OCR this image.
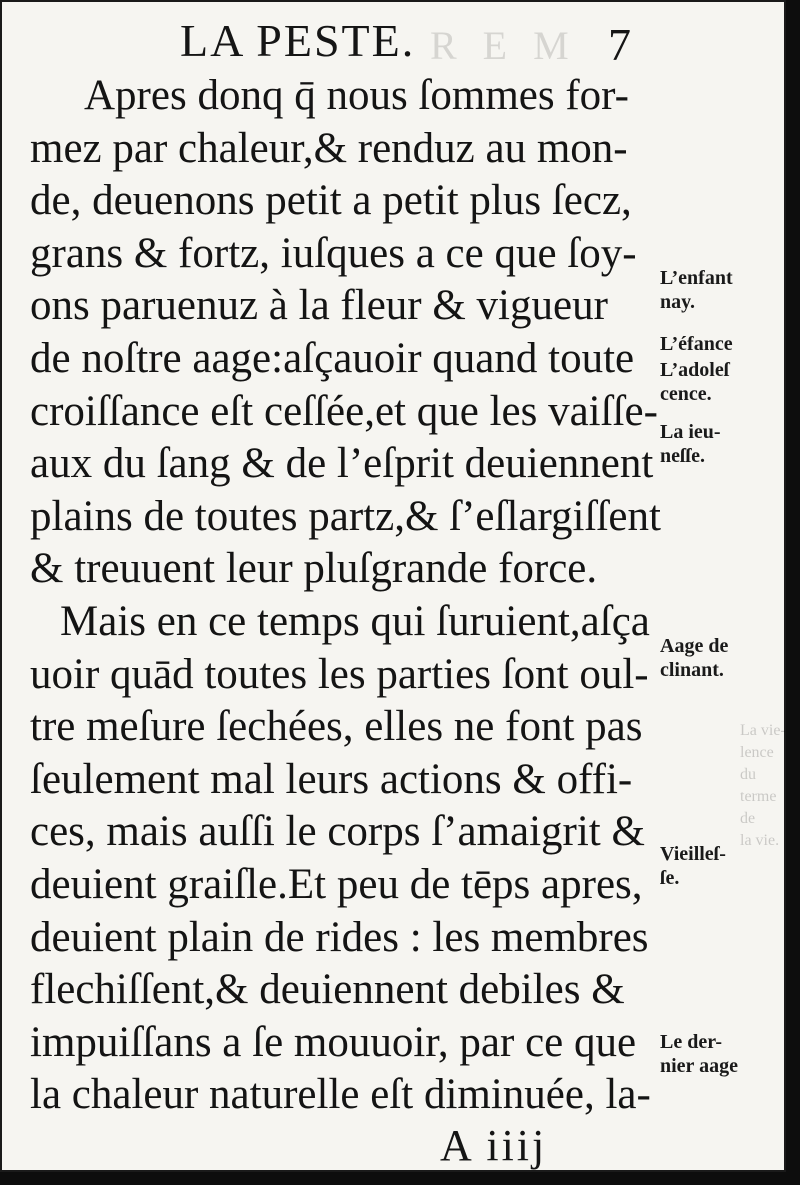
R E M
La vie-
lence du
terme de
la vie.
LA PESTE.	7
Apres donq q̄ nous ſommes for-
mez par chaleur,& renduz au mon-
de, deuenons petit a petit plus ſecz,
grans & fortz, iuſques a ce que ſoy-
ons paruenuz à la fleur & vigueur
de noſtre aage:aſçauoir quand toute
croiſſance eſt ceſſée,et que les vaiſſe-
aux du ſang & de l’eſprit deuiennent
plains de toutes partz,& ſ’eſlargiſſent
& treuuent leur pluſgrande force.
Mais en ce temps qui ſuruient,aſça
uoir quād toutes les parties ſont oul-
tre meſure ſechées, elles ne font pas
ſeulement mal leurs actions & offi-
ces, mais auſſi le corps ſ’amaigrit &
deuient graiſle.Et peu de tēps apres,
deuient plain de rides : les membres
flechiſſent,& deuiennent debiles &
impuiſſans a ſe mouuoir, par ce que
la chaleur naturelle eſt diminuée, la-
L’enfant
nay.
L’éfance
L’adoleſ
cence.
La ieu-
neſſe.
Aage de
clinant.
Vieilleſ-
ſe.
Le der-
nier aage
A iiij
